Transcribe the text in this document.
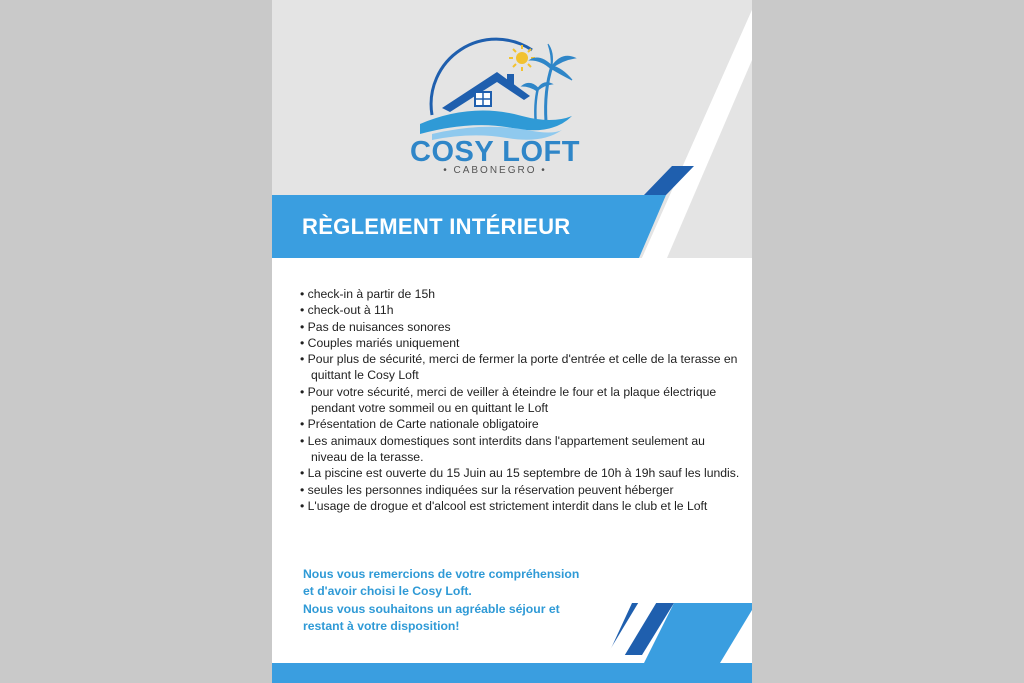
COSY LOFT
• CABONEGRO •
RÈGLEMENT INTÉRIEUR
• check-in à partir de 15h
• check-out à 11h
• Pas de nuisances sonores
• Couples mariés uniquement
• Pour plus de sécurité, merci de fermer la porte d'entrée et celle de la terasse en quittant le Cosy Loft
• Pour votre sécurité, merci de veiller à éteindre le four et la plaque électrique pendant votre sommeil ou en quittant le Loft
• Présentation de Carte nationale obligatoire
• Les animaux domestiques sont interdits dans l'appartement seulement au niveau de la terasse.
• La piscine est ouverte du 15 Juin au 15 septembre de 10h à 19h sauf les lundis.
• seules les personnes indiquées sur la réservation peuvent héberger
• L'usage de drogue et d'alcool est strictement interdit dans le club et le Loft

Nous vous remercions de votre compréhension
et d'avoir choisi le Cosy Loft.
Nous vous souhaitons un agréable séjour et
restant à votre disposition!
